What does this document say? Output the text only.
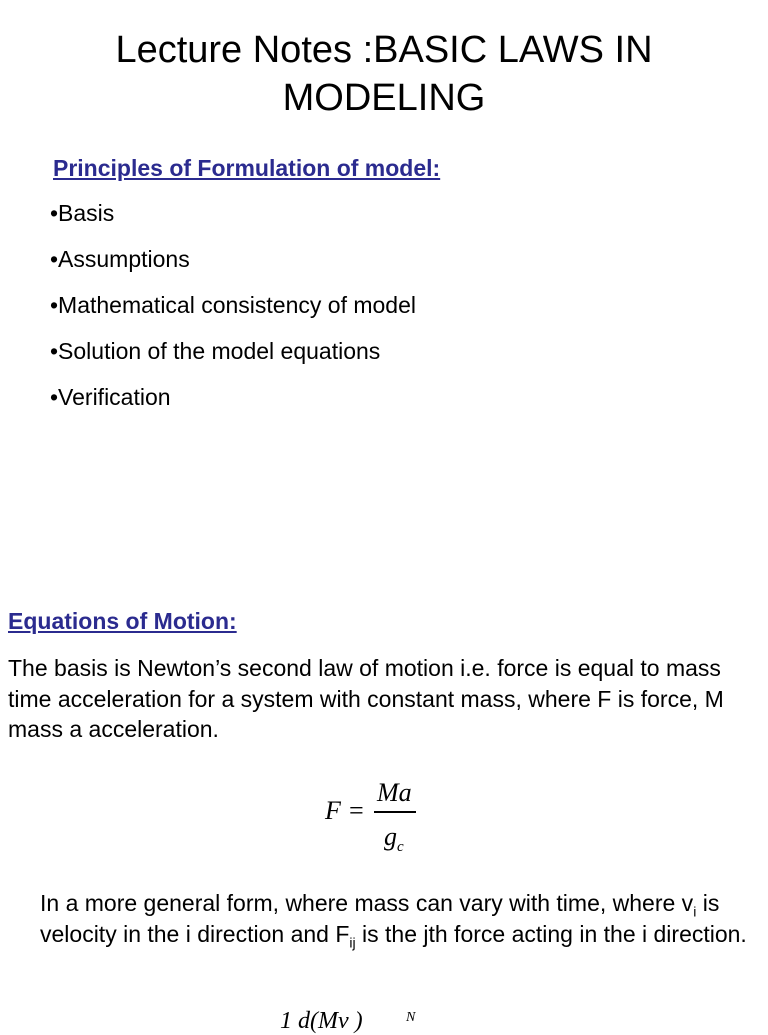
Lecture Notes :BASIC LAWS IN
MODELING
Principles of Formulation of model:
•Basis
•Assumptions
•Mathematical consistency of model
•Solution of the model equations
•Verification
Equations of Motion:
The basis is Newton’s second law of motion i.e. force is equal to mass time acceleration for a system with constant mass, where F is force, M mass a acceleration.
F =
Ma
$g_c$
In a more general form, where mass can vary with time, where $v_i$ is velocity in the i direction and $F_{ij}$ is the jth force acting in the i direction.
1 d(Mv )	N
